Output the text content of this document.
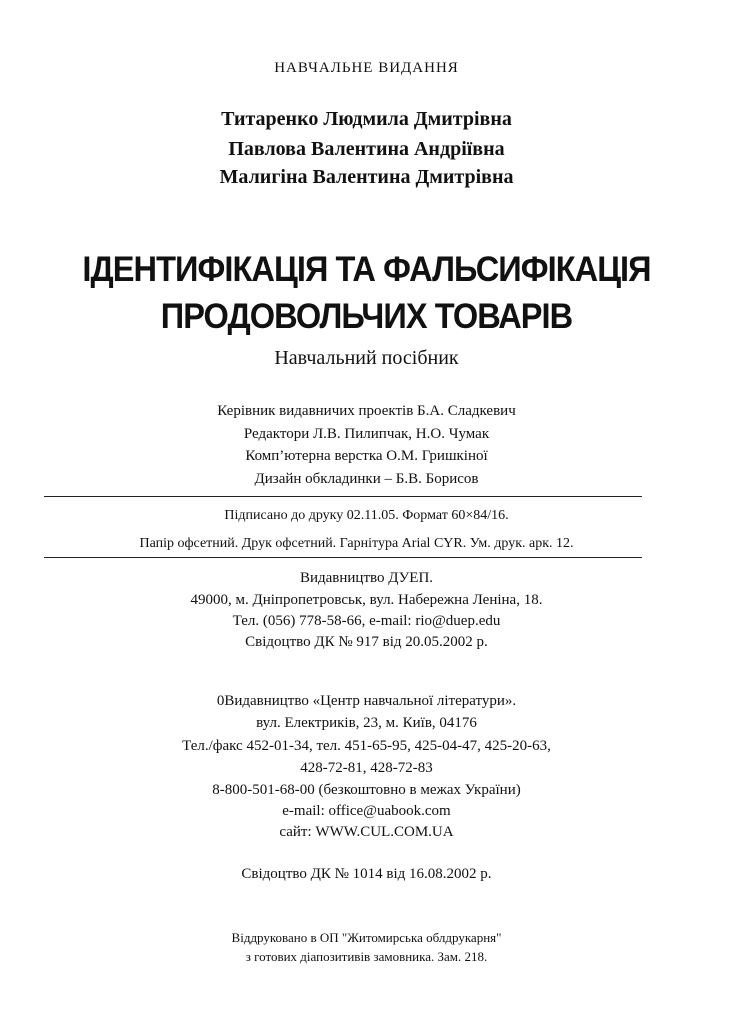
НАВЧАЛЬНЕ ВИДАННЯ
Титаренко Людмила Дмитрівна
Павлова Валентина Андріївна
Малигіна Валентина Дмитрівна
ІДЕНТИФІКАЦІЯ ТА ФАЛЬСИФІКАЦІЯ
ПРОДОВОЛЬЧИХ ТОВАРІВ
Навчальний посібник
Керівник видавничих проектів Б.А. Сладкевич
Редактори Л.В. Пилипчак, Н.О. Чумак
Комп’ютерна верстка О.М. Гришкіної
Дизайн обкладинки – Б.В. Борисов
Підписано до друку 02.11.05. Формат 60×84/16.
Папір офсетний. Друк офсетний. Гарнітура Arial CYR. Ум. друк. арк. 12.
Видавництво ДУЕП.
49000, м. Дніпропетровськ, вул. Набережна Леніна, 18.
Тел. (056) 778-58-66, e-mail: rio@duep.edu
Свідоцтво ДК № 917 від 20.05.2002 р.
0Видавництво «Центр навчальної літератури».
вул. Електриків, 23, м. Київ, 04176
Тел./факс 452-01-34, тел. 451-65-95, 425-04-47, 425-20-63,
428-72-81, 428-72-83
8-800-501-68-00 (безкоштовно в межах України)
e-mail: office@uabook.com
сайт: WWW.CUL.COM.UA
Свідоцтво ДК № 1014 від 16.08.2002 р.
Віддруковано в ОП "Житомирська облдрукарня"
з готових діапозитивів замовника. Зам. 218.
